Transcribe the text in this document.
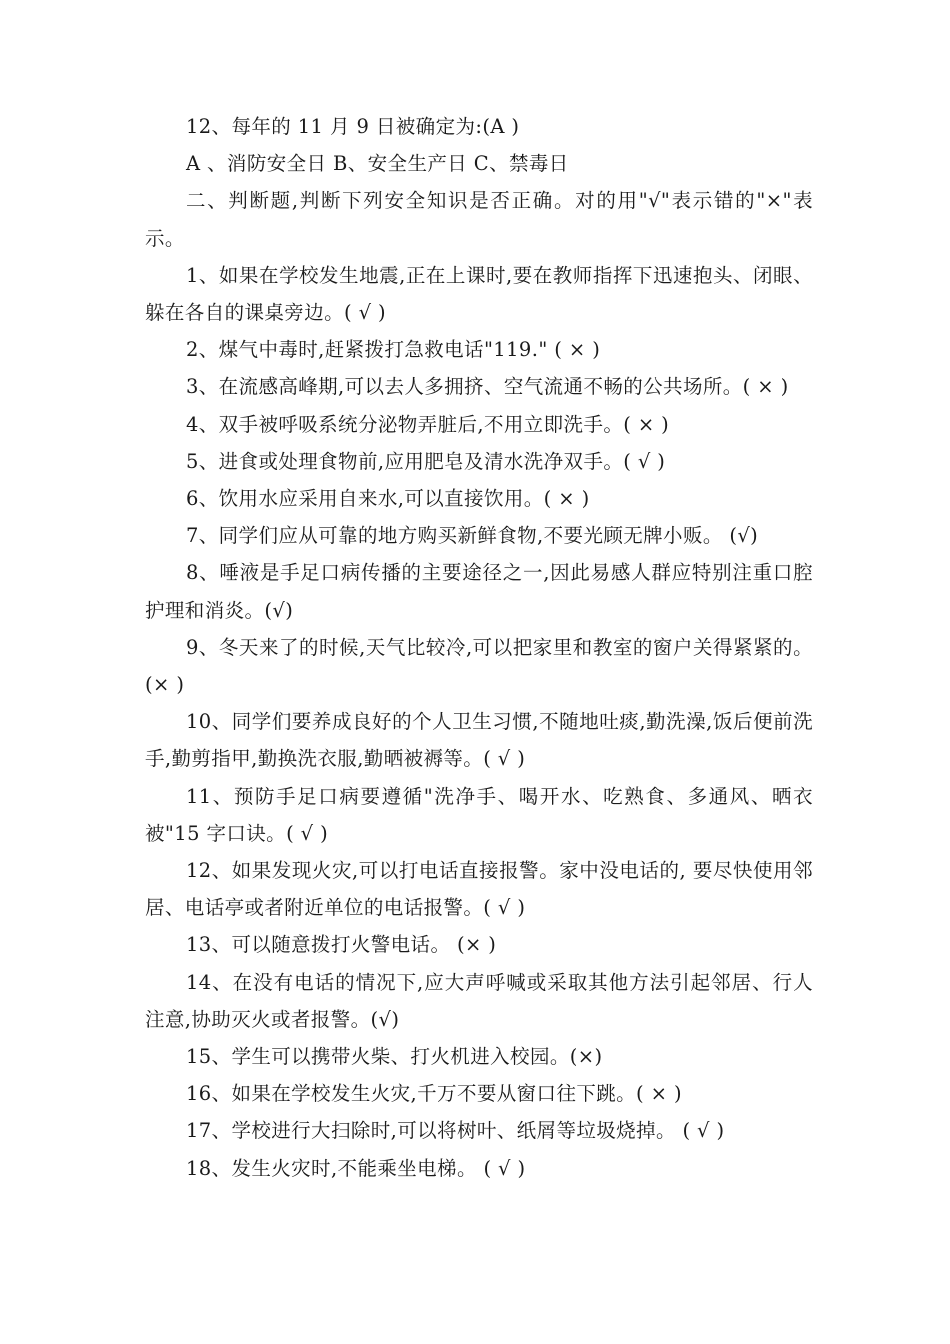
12、每年的 11 月 9 日被确定为:(A )

A 、消防安全日 B、安全生产日 C、禁毒日

二、判断题,判断下列安全知识是否正确。对的用"√"表示错的"×"表示。

1、如果在学校发生地震,正在上课时,要在教师指挥下迅速抱头、闭眼、躲在各自的课桌旁边。( √ )

2、煤气中毒时,赶紧拨打急救电话"119." ( × )

3、在流感高峰期,可以去人多拥挤、空气流通不畅的公共场所。( × )

4、双手被呼吸系统分泌物弄脏后,不用立即洗手。( × )

5、进食或处理食物前,应用肥皂及清水洗净双手。( √ )

6、饮用水应采用自来水,可以直接饮用。( × )

7、同学们应从可靠的地方购买新鲜食物,不要光顾无牌小贩。 (√)

8、唾液是手足口病传播的主要途径之一,因此易感人群应特别注重口腔护理和消炎。(√)

9、冬天来了的时候,天气比较冷,可以把家里和教室的窗户关得紧紧的。(× )

10、同学们要养成良好的个人卫生习惯,不随地吐痰,勤洗澡,饭后便前洗手,勤剪指甲,勤换洗衣服,勤晒被褥等。( √ )

11、预防手足口病要遵循"洗净手、喝开水、吃熟食、多通风、晒衣被"15 字口诀。( √ )

12、如果发现火灾,可以打电话直接报警。家中没电话的, 要尽快使用邻居、电话亭或者附近单位的电话报警。( √ )

13、可以随意拨打火警电话。 (× )

14、在没有电话的情况下,应大声呼喊或采取其他方法引起邻居、行人注意,协助灭火或者报警。(√)

15、学生可以携带火柴、打火机进入校园。(×)

16、如果在学校发生火灾,千万不要从窗口往下跳。( × )

17、学校进行大扫除时,可以将树叶、纸屑等垃圾烧掉。 ( √ )

18、发生火灾时,不能乘坐电梯。 ( √ )
